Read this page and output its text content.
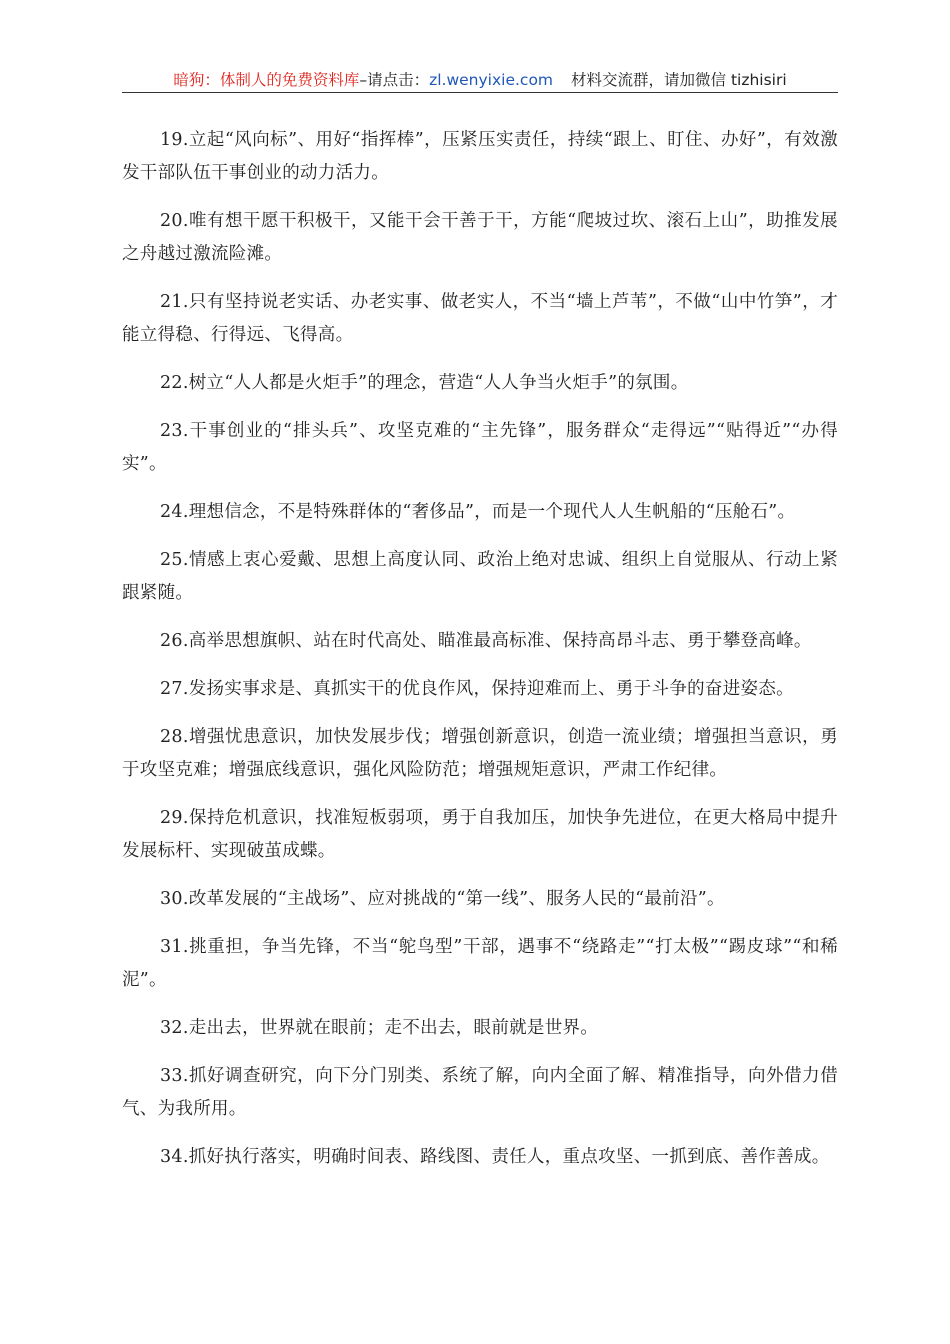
暗狗：体制人的免费资料库–请点击：zl.wenyixie.com 材料交流群，请加微信 tizhisiri

19.立起“风向标”、用好“指挥棒”，压紧压实责任，持续“跟上、盯住、办好”，有效激发干部队伍干事创业的动力活力。

20.唯有想干愿干积极干，又能干会干善于干，方能“爬坡过坎、滚石上山”，助推发展之舟越过激流险滩。

21.只有坚持说老实话、办老实事、做老实人，不当“墙上芦苇”，不做“山中竹笋”，才能立得稳、行得远、飞得高。

22.树立“人人都是火炬手”的理念，营造“人人争当火炬手”的氛围。

23.干事创业的“排头兵”、攻坚克难的“主先锋”，服务群众“走得远”“贴得近”“办得实”。

24.理想信念，不是特殊群体的“奢侈品”，而是一个现代人人生帆船的“压舱石”。

25.情感上衷心爱戴、思想上高度认同、政治上绝对忠诚、组织上自觉服从、行动上紧跟紧随。

26.高举思想旗帜、站在时代高处、瞄准最高标准、保持高昂斗志、勇于攀登高峰。

27.发扬实事求是、真抓实干的优良作风，保持迎难而上、勇于斗争的奋进姿态。

28.增强忧患意识，加快发展步伐；增强创新意识，创造一流业绩；增强担当意识，勇于攻坚克难；增强底线意识，强化风险防范；增强规矩意识，严肃工作纪律。

29.保持危机意识，找准短板弱项，勇于自我加压，加快争先进位，在更大格局中提升发展标杆、实现破茧成蝶。

30.改革发展的“主战场”、应对挑战的“第一线”、服务人民的“最前沿”。

31.挑重担，争当先锋，不当“鸵鸟型”干部，遇事不“绕路走”“打太极”“踢皮球”“和稀泥”。

32.走出去，世界就在眼前；走不出去，眼前就是世界。

33.抓好调查研究，向下分门别类、系统了解，向内全面了解、精准指导，向外借力借气、为我所用。

34.抓好执行落实，明确时间表、路线图、责任人，重点攻坚、一抓到底、善作善成。
